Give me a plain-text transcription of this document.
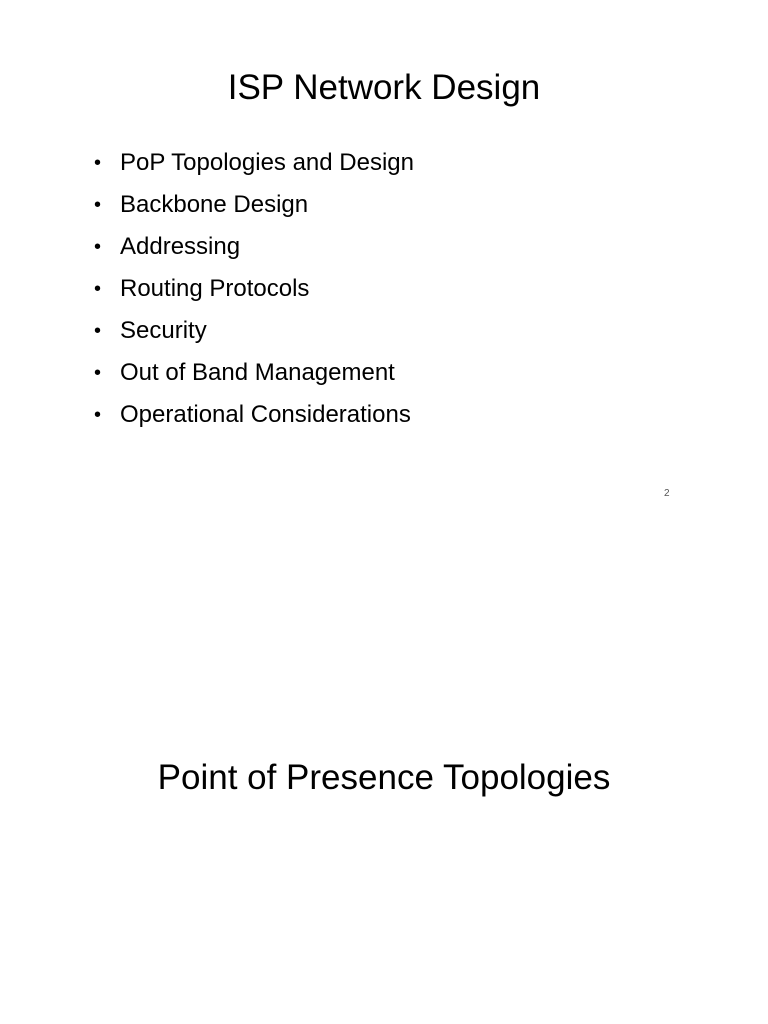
ISP Network Design
• PoP Topologies and Design
• Backbone Design
• Addressing
• Routing Protocols
• Security
• Out of Band Management
• Operational Considerations
2
Point of Presence Topologies
